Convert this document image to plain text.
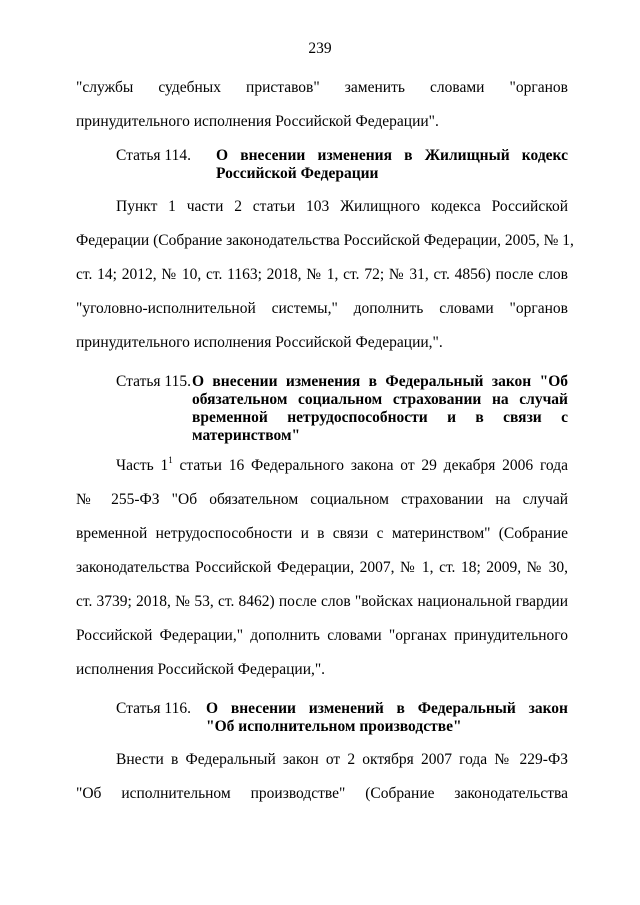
239
"службы судебных приставов" заменить словами "органов
принудительного исполнения Российской Федерации".
Статья 114. О внесении изменения в Жилищный кодекс
Российской Федерации
Пункт 1 части 2 статьи 103 Жилищного кодекса Российской
Федерации (Собрание законодательства Российской Федерации, 2005, № 1,
ст. 14; 2012, № 10, ст. 1163; 2018, № 1, ст. 72; № 31, ст. 4856) после слов
"уголовно-исполнительной системы," дополнить словами "органов
принудительного исполнения Российской Федерации,".
Статья 115. О внесении изменения в Федеральный закон "Об
обязательном социальном страховании на случай
временной нетрудоспособности и в связи с
материнством"
Часть $1^1$ статьи 16 Федерального закона от 29 декабря 2006 года
№ 255-ФЗ "Об обязательном социальном страховании на случай
временной нетрудоспособности и в связи с материнством" (Собрание
законодательства Российской Федерации, 2007, № 1, ст. 18; 2009, № 30,
ст. 3739; 2018, № 53, ст. 8462) после слов "войсках национальной гвардии
Российской Федерации," дополнить словами "органах принудительного
исполнения Российской Федерации,".
Статья 116. О внесении изменений в Федеральный закон
"Об исполнительном производстве"
Внести в Федеральный закон от 2 октября 2007 года № 229-ФЗ
"Об исполнительном производстве" (Собрание законодательства
